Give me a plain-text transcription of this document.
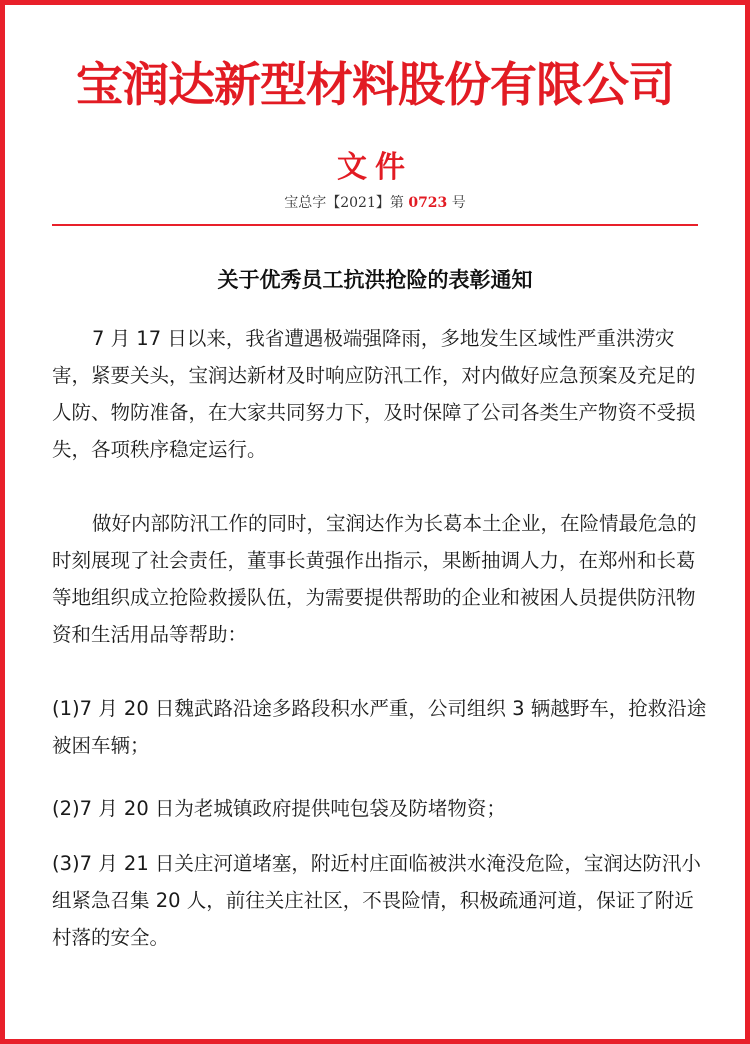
宝润达新型材料股份有限公司
文件
宝总字【2021】第 0723 号
关于优秀员工抗洪抢险的表彰通知

7 月 17 日以来，我省遭遇极端强降雨，多地发生区域性严重洪涝灾害，紧要关头，宝润达新材及时响应防汛工作，对内做好应急预案及充足的人防、物防准备，在大家共同努力下，及时保障了公司各类生产物资不受损失，各项秩序稳定运行。

做好内部防汛工作的同时，宝润达作为长葛本土企业，在险情最危急的时刻展现了社会责任，董事长黄强作出指示，果断抽调人力，在郑州和长葛等地组织成立抢险救援队伍，为需要提供帮助的企业和被困人员提供防汛物资和生活用品等帮助：

(1)7 月 20 日魏武路沿途多路段积水严重，公司组织 3 辆越野车，抢救沿途被困车辆；

(2)7 月 20 日为老城镇政府提供吨包袋及防堵物资；

(3)7 月 21 日关庄河道堵塞，附近村庄面临被洪水淹没危险，宝润达防汛小组紧急召集 20 人，前往关庄社区，不畏险情，积极疏通河道，保证了附近村落的安全。
